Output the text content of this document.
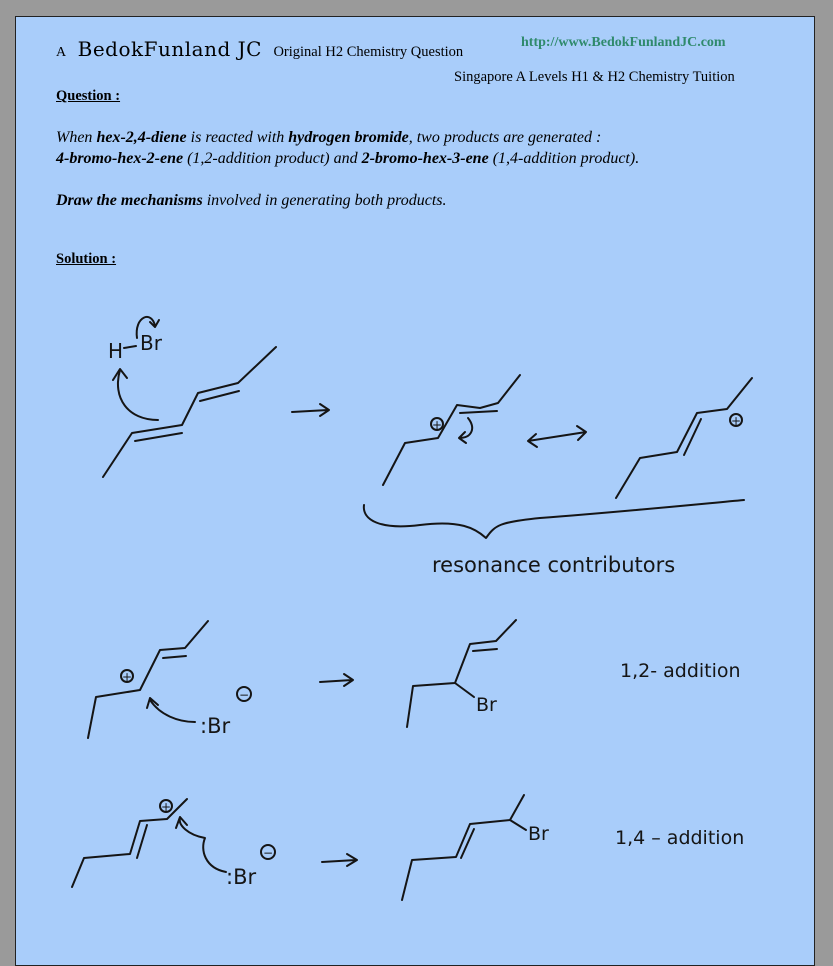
A BedokFunland JC Original H2 Chemistry Question
http://www.BedokFunlandJC.com
Singapore A Levels H1 & H2 Chemistry Tuition
Question :
When hex-2,4-diene is reacted with hydrogen bromide, two products are generated :
4-bromo-hex-2-ene (1,2-addition product) and 2-bromo-hex-3-ene (1,4-addition product).
Draw the mechanisms involved in generating both products.
Solution :
H Br
+	+
resonance contributors
+
:Br
−	Br
1,2- addition
+
:Br
−
Br	1,4 – addition
